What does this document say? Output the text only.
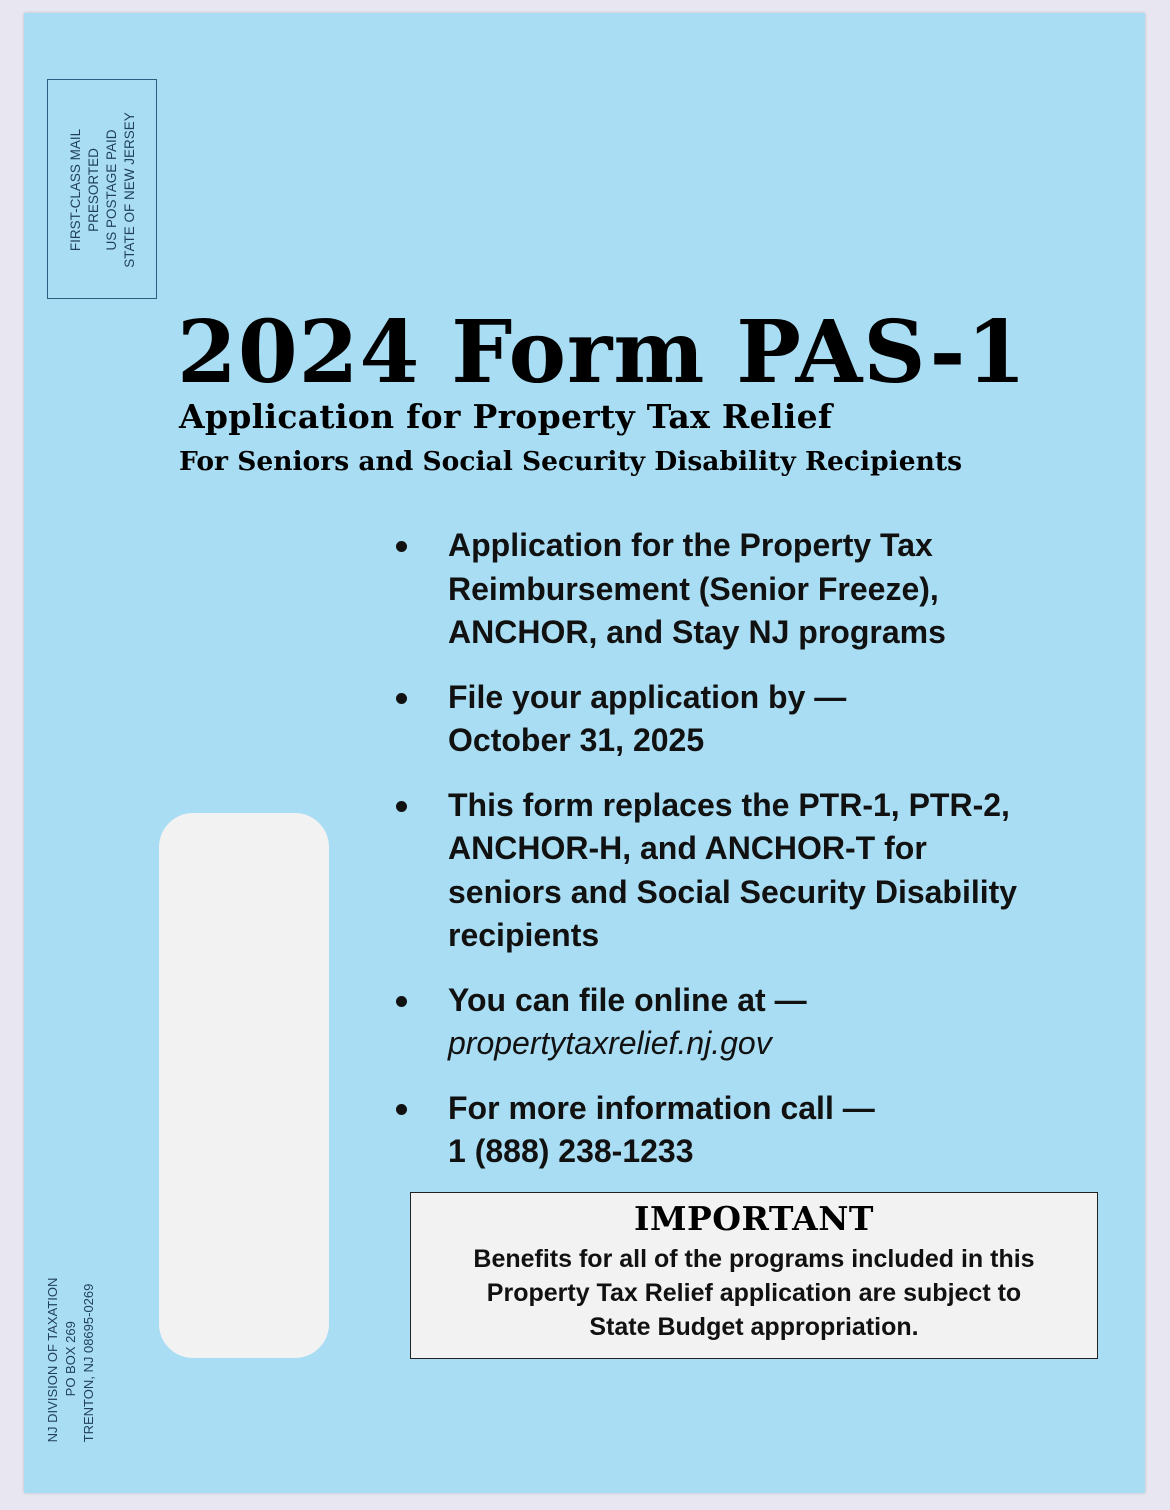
FIRST-CLASS MAIL PRESORTED US POSTAGE PAID STATE OF NEW JERSEY
2024 Form PAS-1
Application for Property Tax Relief
For Seniors and Social Security Disability Recipients
Application for the Property Tax
Reimbursement (Senior Freeze),
ANCHOR, and Stay NJ programs
File your application by —
October 31, 2025
This form replaces the PTR-1, PTR-2,
ANCHOR-H, and ANCHOR-T for
seniors and Social Security Disability
recipients
You can file online at —
propertytaxrelief.nj.gov
For more information call —
1 (888) 238-1233
IMPORTANT
Benefits for all of the programs included in this
Property Tax Relief application are subject to
State Budget appropriation.
NJ DIVISION OF TAXATION PO BOX 269 TRENTON, NJ 08695-0269
